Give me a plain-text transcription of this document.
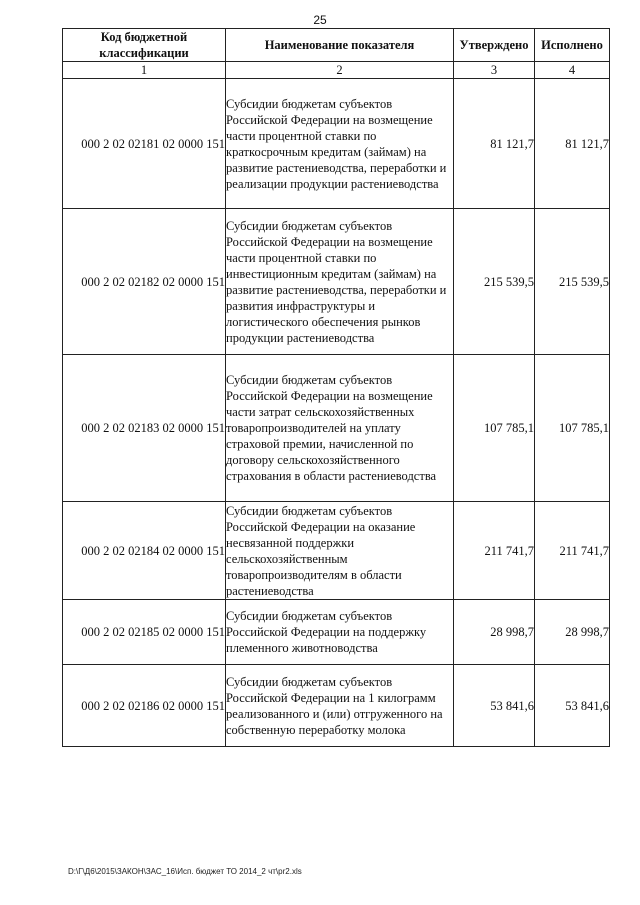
25
Код бюджетной классификации	Наименование показателя	Утверждено	Исполнено
1	2	3	4
000 2 02 02181 02 0000 151	Субсидии бюджетам субъектов Российской Федерации на возмещение части процентной ставки по краткосрочным кредитам (займам) на развитие растениеводства, переработки и реализации продукции растениеводства	81 121,7	81 121,7
000 2 02 02182 02 0000 151	Субсидии бюджетам субъектов Российской Федерации на возмещение части процентной ставки по инвестиционным кредитам (займам) на развитие растениеводства, переработки и развития инфраструктуры и логистического обеспечения рынков продукции растениеводства	215 539,5	215 539,5
000 2 02 02183 02 0000 151	Субсидии бюджетам субъектов Российской Федерации на возмещение части затрат сельскохозяйственных товаропроизводителей на уплату страховой премии, начисленной по договору сельскохозяйственного страхования в области растениеводства	107 785,1	107 785,1
000 2 02 02184 02 0000 151	Субсидии бюджетам субъектов Российской Федерации на оказание несвязанной поддержки сельскохозяйственным товаропроизводителям в области растениеводства	211 741,7	211 741,7
000 2 02 02185 02 0000 151	Субсидии бюджетам субъектов Российской Федерации на поддержку племенного животноводства	28 998,7	28 998,7
000 2 02 02186 02 0000 151	Субсидии бюджетам субъектов Российской Федерации на 1 килограмм реализованного и (или) отгруженного на собственную переработку молока	53 841,6	53 841,6
D:\Г\Д6\2015\ЗАКОН\ЗАС_16\Исп. бюджет ТО 2014_2 чт\pr2.xls
